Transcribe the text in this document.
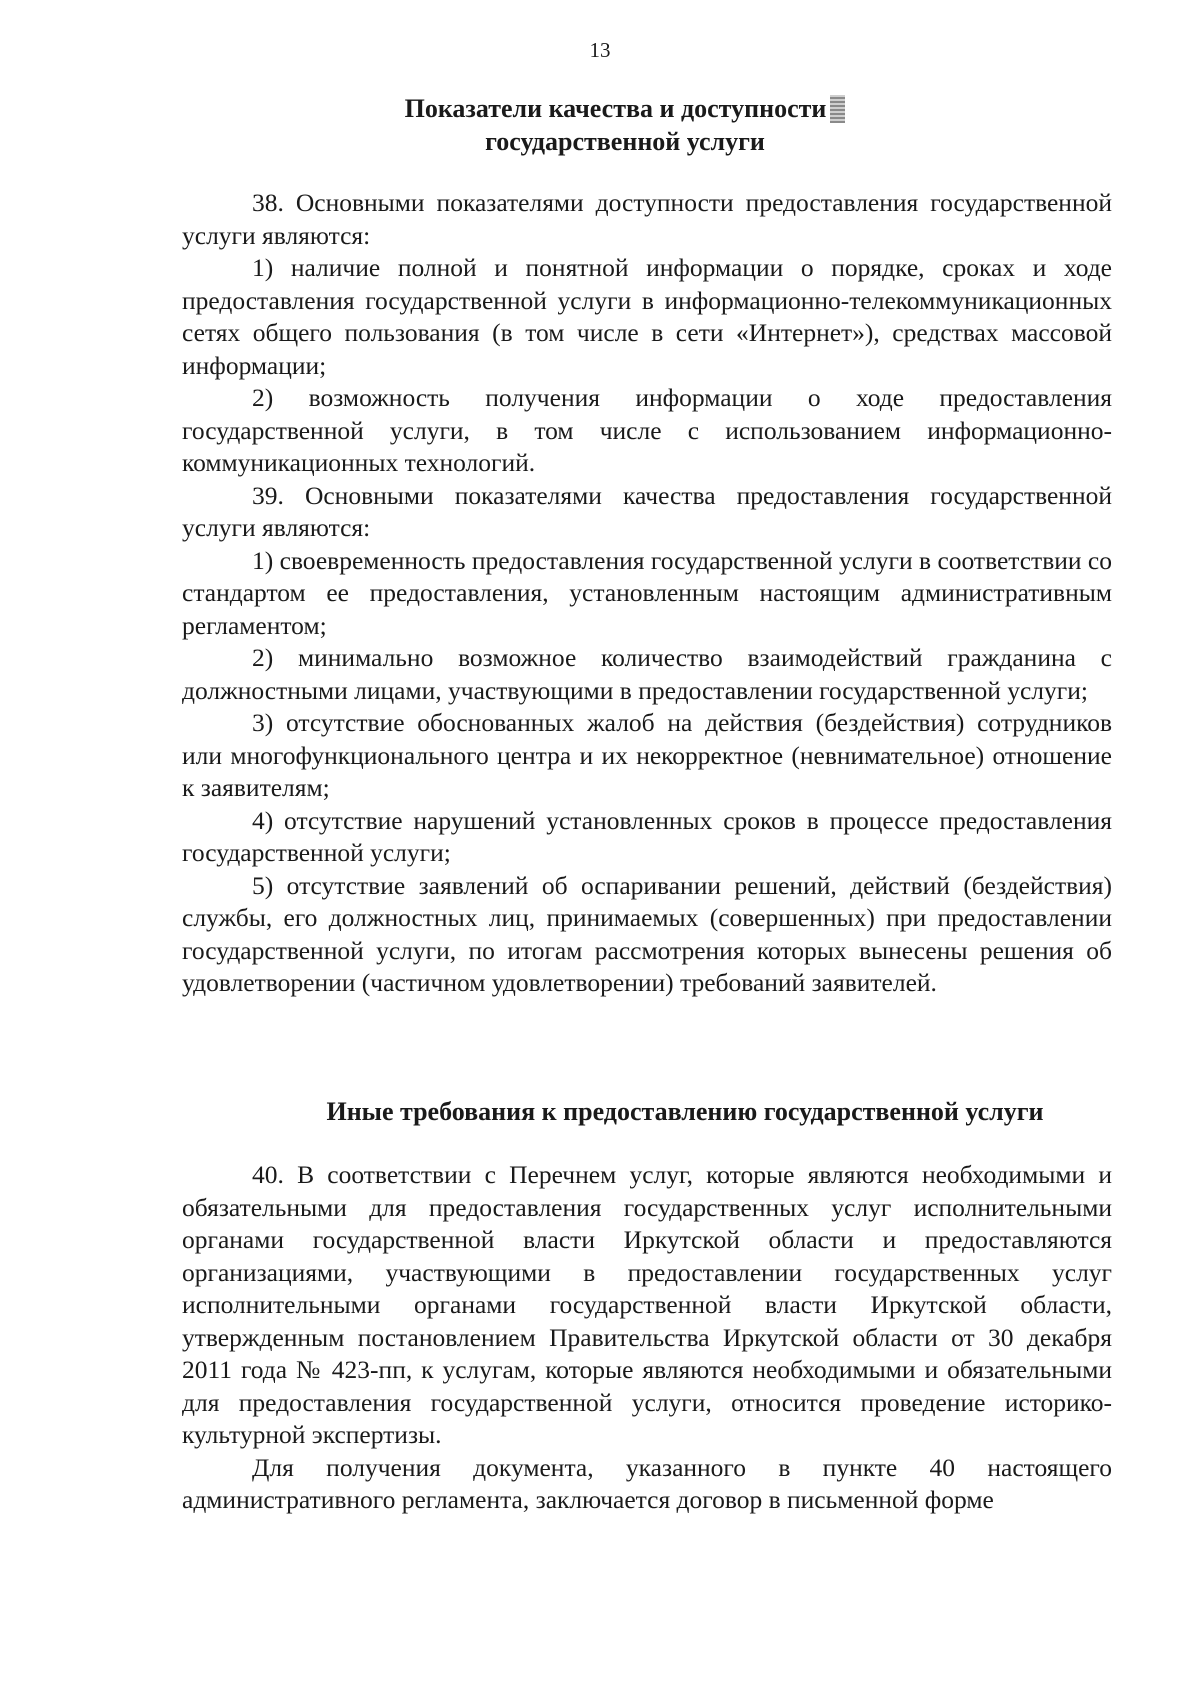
13
Показатели качества и доступности
государственной услуги

38. Основными показателями доступности предоставления государственной услуги являются:

1) наличие полной и понятной информации о порядке, сроках и ходе предоставления государственной услуги в информационно-телекоммуникационных сетях общего пользования (в том числе в сети «Интернет»), средствах массовой информации;

2) возможность получения информации о ходе предоставления государственной услуги, в том числе с использованием информационно-коммуникационных технологий.

39. Основными показателями качества предоставления государственной услуги являются:

1) своевременность предоставления государственной услуги в соответствии со стандартом ее предоставления, установленным настоящим административным регламентом;

2) минимально возможное количество взаимодействий гражданина с должностными лицами, участвующими в предоставлении государственной услуги;

3) отсутствие обоснованных жалоб на действия (бездействия) сотрудников или многофункционального центра и их некорректное (невнимательное) отношение к заявителям;

4) отсутствие нарушений установленных сроков в процессе предоставления государственной услуги;

5) отсутствие заявлений об оспаривании решений, действий (бездействия) службы, его должностных лиц, принимаемых (совершенных) при предоставлении государственной услуги, по итогам рассмотрения которых вынесены решения об удовлетворении (частичном удовлетворении) требований заявителей.

Иные требования к предоставлению государственной услуги

40. В соответствии с Перечнем услуг, которые являются необходимыми и обязательными для предоставления государственных услуг исполнительными органами государственной власти Иркутской области и предоставляются организациями, участвующими в предоставлении государственных услуг исполнительными органами государственной власти Иркутской области, утвержденным постановлением Правительства Иркутской области от 30 декабря 2011 года № 423-пп, к услугам, которые являются необходимыми и обязательными для предоставления государственной услуги, относится проведение историко-культурной экспертизы.

Для получения документа, указанного в пункте 40 настоящего административного регламента, заключается договор в письменной форме
